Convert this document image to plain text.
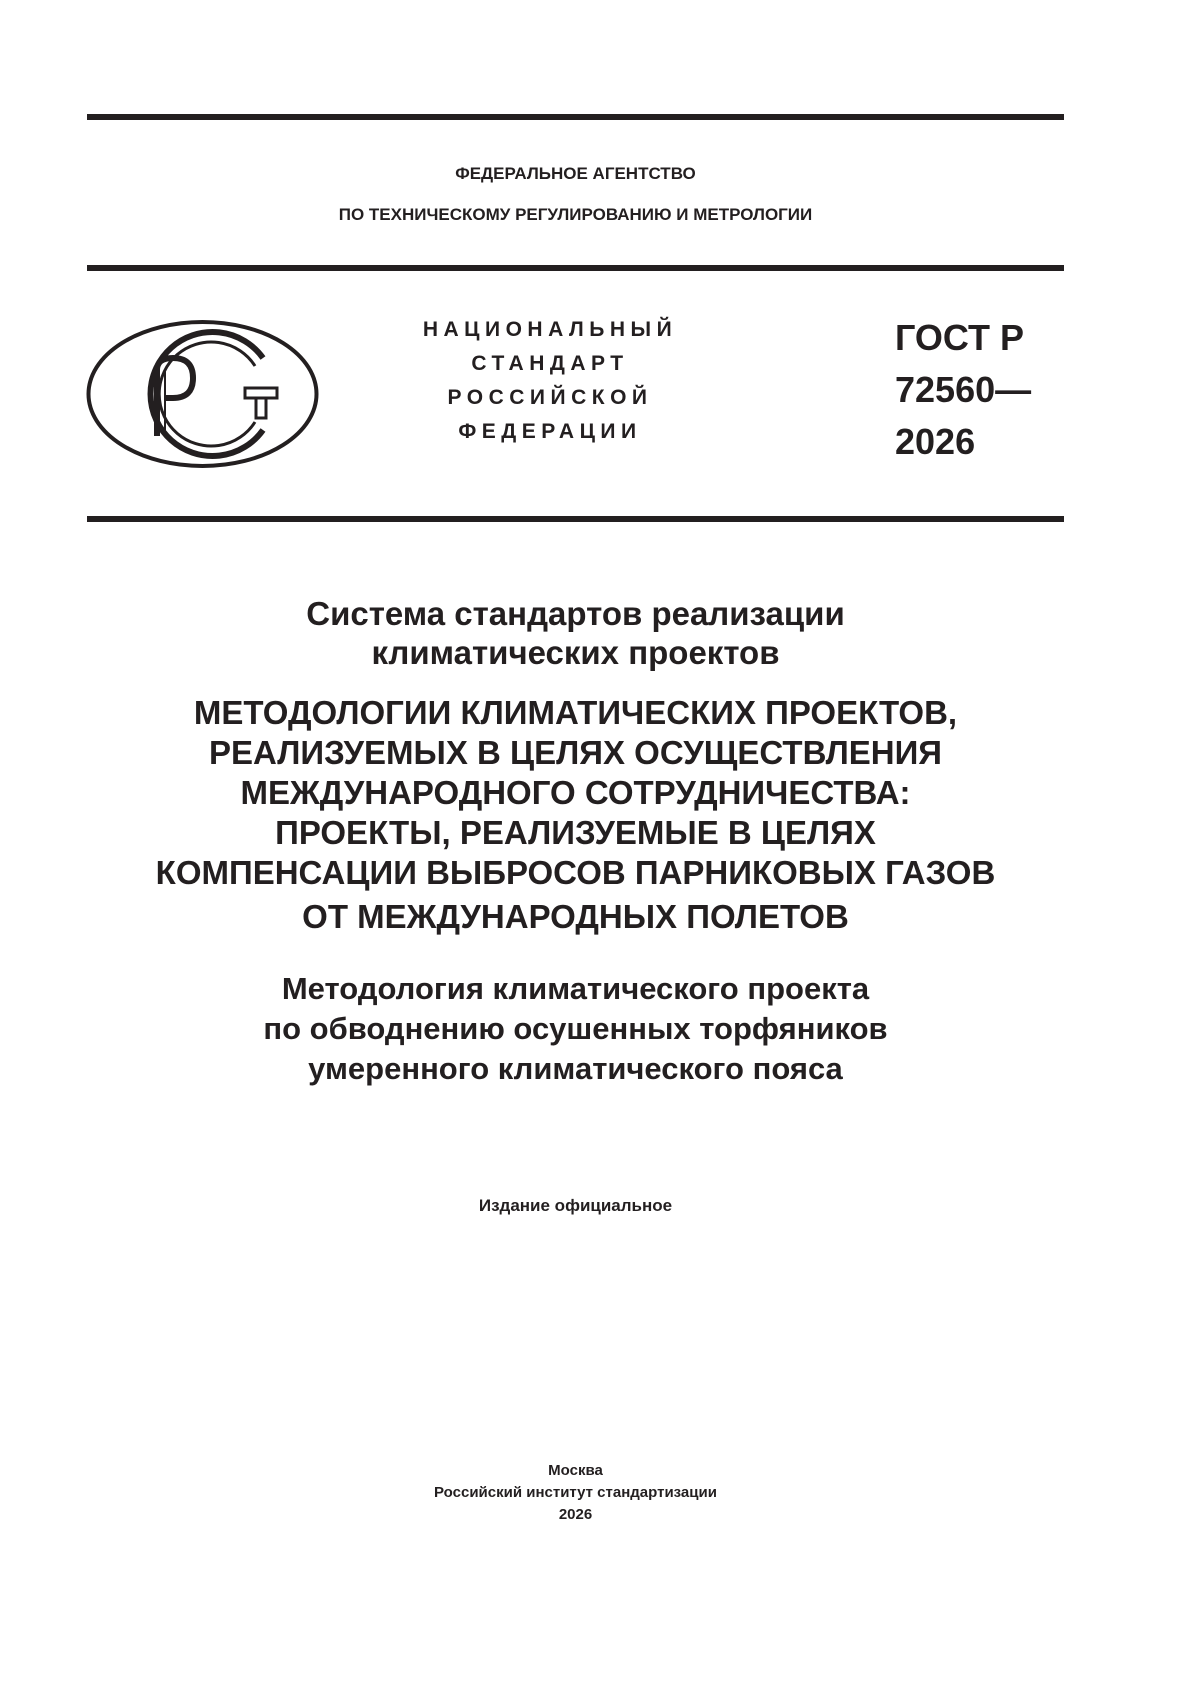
ФЕДЕРАЛЬНОЕ АГЕНТСТВО
ПО ТЕХНИЧЕСКОМУ РЕГУЛИРОВАНИЮ И МЕТРОЛОГИИ
НАЦИОНАЛЬНЫЙ
СТАНДАРТ
РОССИЙСКОЙ
ФЕДЕРАЦИИ
ГОСТ Р
72560—
2026
Система стандартов реализации
климатических проектов
МЕТОДОЛОГИИ КЛИМАТИЧЕСКИХ ПРОЕКТОВ,
РЕАЛИЗУЕМЫХ В ЦЕЛЯХ ОСУЩЕСТВЛЕНИЯ
МЕЖДУНАРОДНОГО СОТРУДНИЧЕСТВА:
ПРОЕКТЫ, РЕАЛИЗУЕМЫЕ В ЦЕЛЯХ
КОМПЕНСАЦИИ ВЫБРОСОВ ПАРНИКОВЫХ ГАЗОВ
ОТ МЕЖДУНАРОДНЫХ ПОЛЕТОВ
Методология климатического проекта
по обводнению осушенных торфяников
умеренного климатического пояса
Издание официальное
Москва
Российский институт стандартизации
2026
